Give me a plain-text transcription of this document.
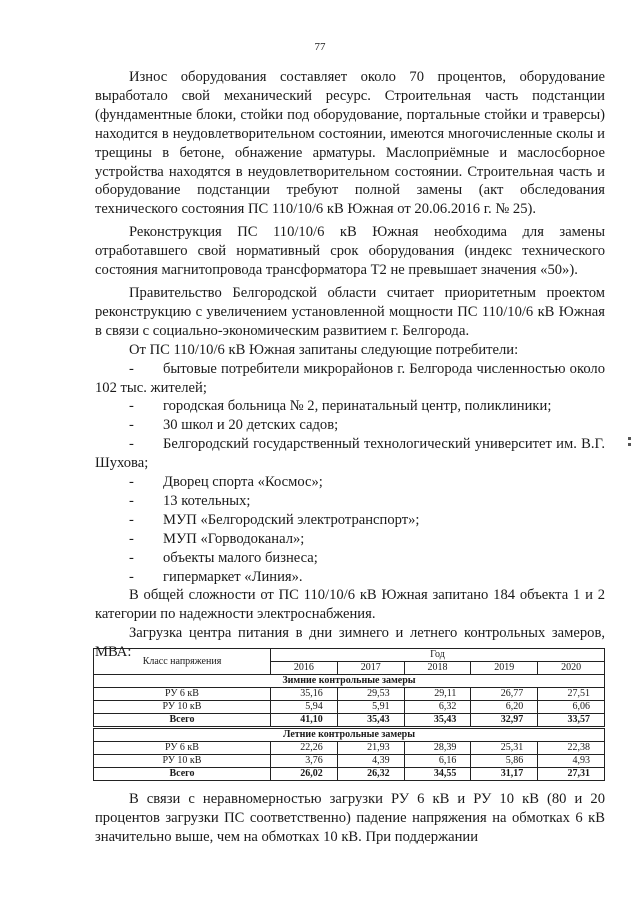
77

Износ оборудования составляет около 70 процентов, оборудование выработало свой механический ресурс. Строительная часть подстанции (фундаментные блоки, стойки под оборудование, портальные стойки и траверсы) находится в неудовлетворительном состоянии, имеются многочисленные сколы и трещины в бетоне, обнажение арматуры. Маслоприёмные и маслосборное устройства находятся в неудовлетворительном состоянии. Строительная часть и оборудование подстанции требуют полной замены (акт обследования технического состояния ПС 110/10/6 кВ Южная от 20.06.2016 г. № 25).

Реконструкция ПС 110/10/6 кВ Южная необходима для замены отработавшего свой нормативный срок оборудования (индекс технического состояния магнитопровода трансформатора Т2 не превышает значения «50»).

Правительство Белгородской области считает приоритетным проектом реконструкцию с увеличением установленной мощности ПС 110/10/6 кВ Южная в связи с социально-экономическим развитием г. Белгорода.

От ПС 110/10/6 кВ Южная запитаны следующие потребители:

- бытовые потребители микрорайонов г. Белгорода численностью около 102 тыс. жителей;
- городская больница № 2, перинатальный центр, поликлиники;
- 30 школ и 20 детских садов;
- Белгородский государственный технологический университет им. В.Г. Шухова;
- Дворец спорта «Космос»;
- 13 котельных;
- МУП «Белгородский электротранспорт»;
- МУП «Горводоканал»;
- объекты малого бизнеса;
- гипермаркет «Линия».

В общей сложности от ПС 110/10/6 кВ Южная запитано 184 объекта 1 и 2 категории по надежности электроснабжения.

Загрузка центра питания в дни зимнего и летнего контрольных замеров, МВА:

Класс напряжения	Год				
	2016	2017	2018	2019	2020
Зимние контрольные замеры					
РУ 6 кВ	35,16	29,53	29,11	26,77	27,51
РУ 10 кВ	5,94	5,91	6,32	6,20	6,06
Всего	41,10	35,43	35,43	32,97	33,57
Летние контрольные замеры					
РУ 6 кВ	22,26	21,93	28,39	25,31	22,38
РУ 10 кВ	3,76	4,39	6,16	5,86	4,93
Всего	26,02	26,32	34,55	31,17	27,31

В связи с неравномерностью загрузки РУ 6 кВ и РУ 10 кВ (80 и 20 процентов загрузки ПС соответственно) падение напряжения на обмотках 6 кВ значительно выше, чем на обмотках 10 кВ. При поддержании
